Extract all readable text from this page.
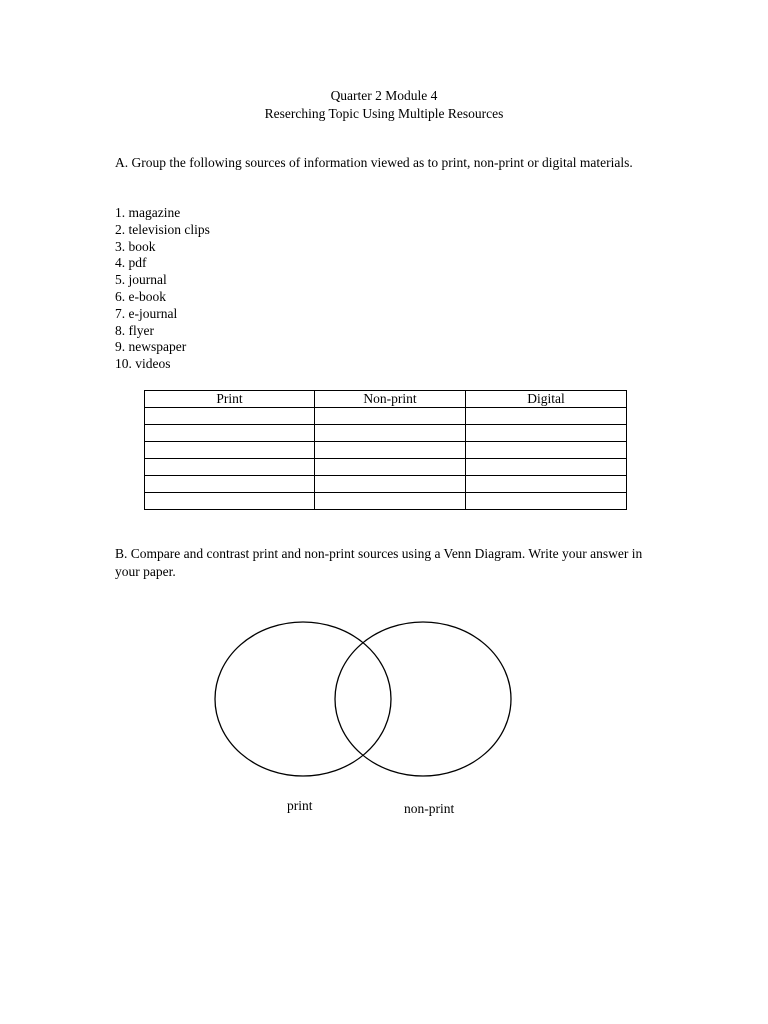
Quarter 2 Module 4
Reserching Topic Using Multiple Resources
A. Group the following sources of information viewed as to print, non-print or digital materials.
1. magazine
2. television clips
3. book
4. pdf
5. journal
6. e-book
7. e-journal
8. flyer
9. newspaper
10. videos
Print	Non-print	Digital

B. Compare and contrast print and non-print sources using a Venn Diagram. Write your answer in your paper.
print	non-print
